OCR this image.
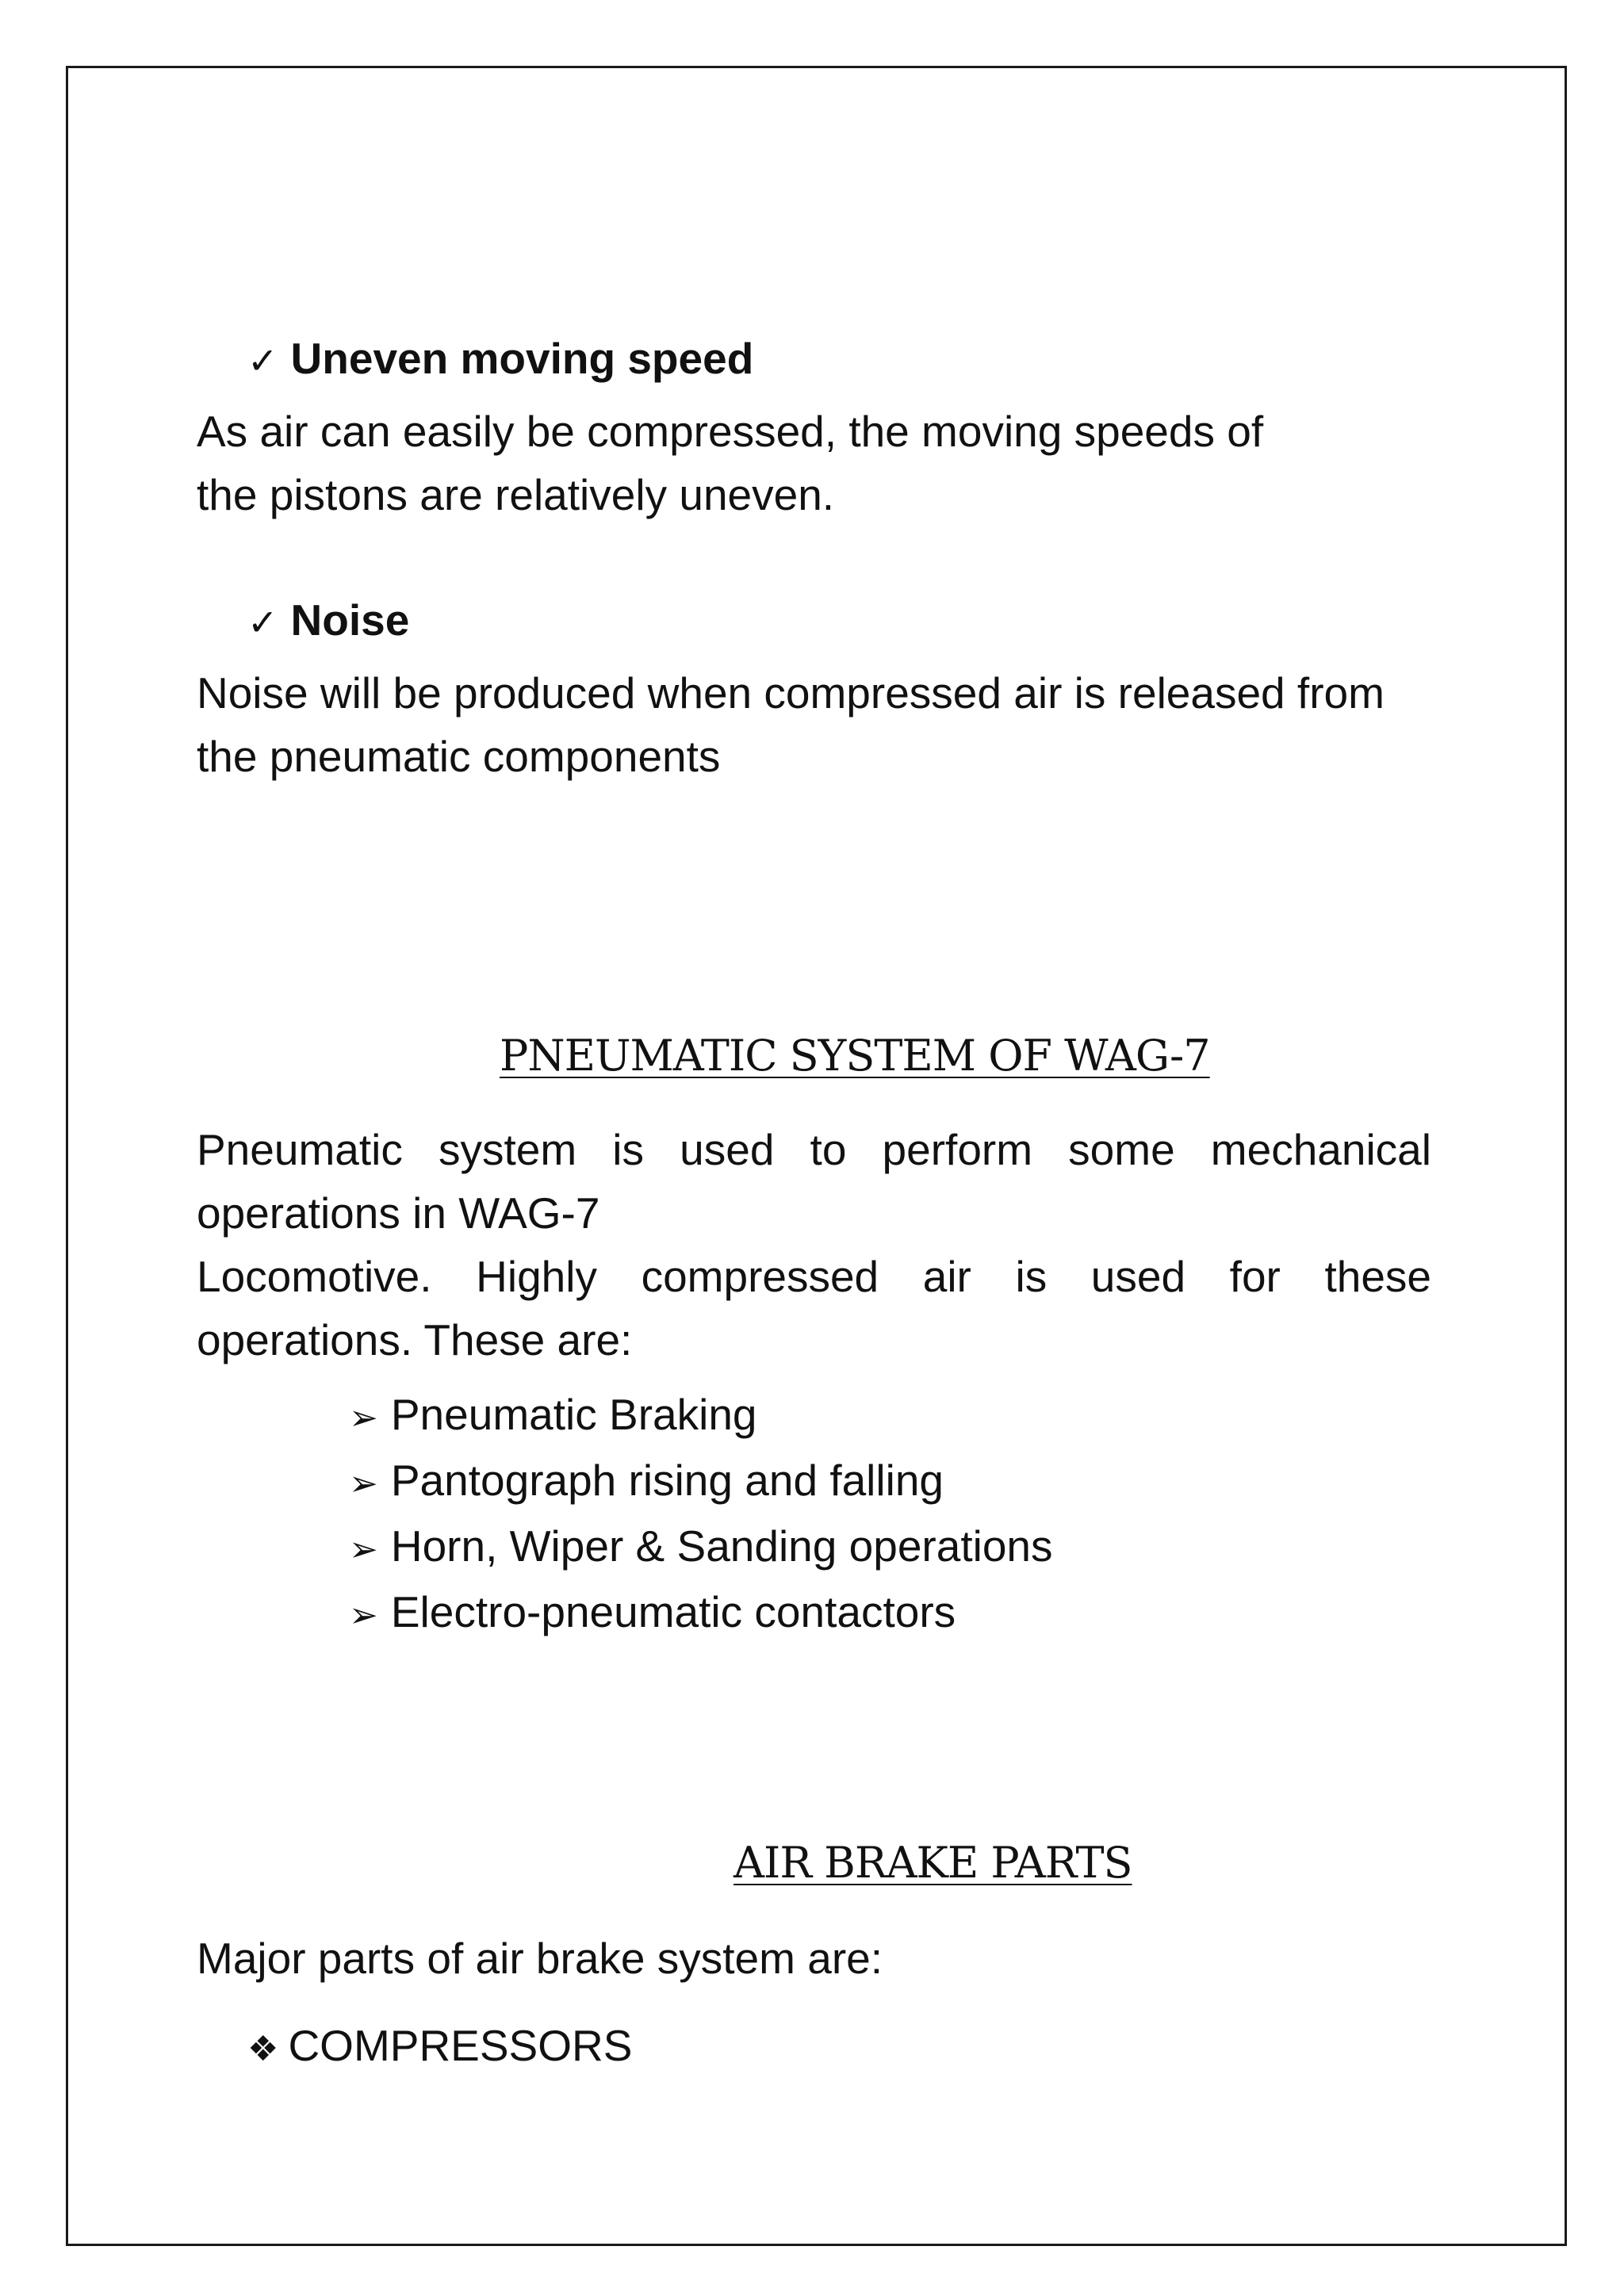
✓ Uneven moving speed
As air can easily be compressed, the moving speeds of
the pistons are relatively uneven.
✓ Noise
Noise will be produced when compressed air is released from
the pneumatic components
PNEUMATIC SYSTEM OF WAG-7
Pneumatic system is used to perform some mechanical
operations in WAG-7
Locomotive. Highly compressed air is used for these
operations. These are:
➢ Pneumatic Braking
➢ Pantograph rising and falling
➢ Horn, Wiper & Sanding operations
➢ Electro-pneumatic contactors
AIR BRAKE PARTS
Major parts of air brake system are:
❖ COMPRESSORS
